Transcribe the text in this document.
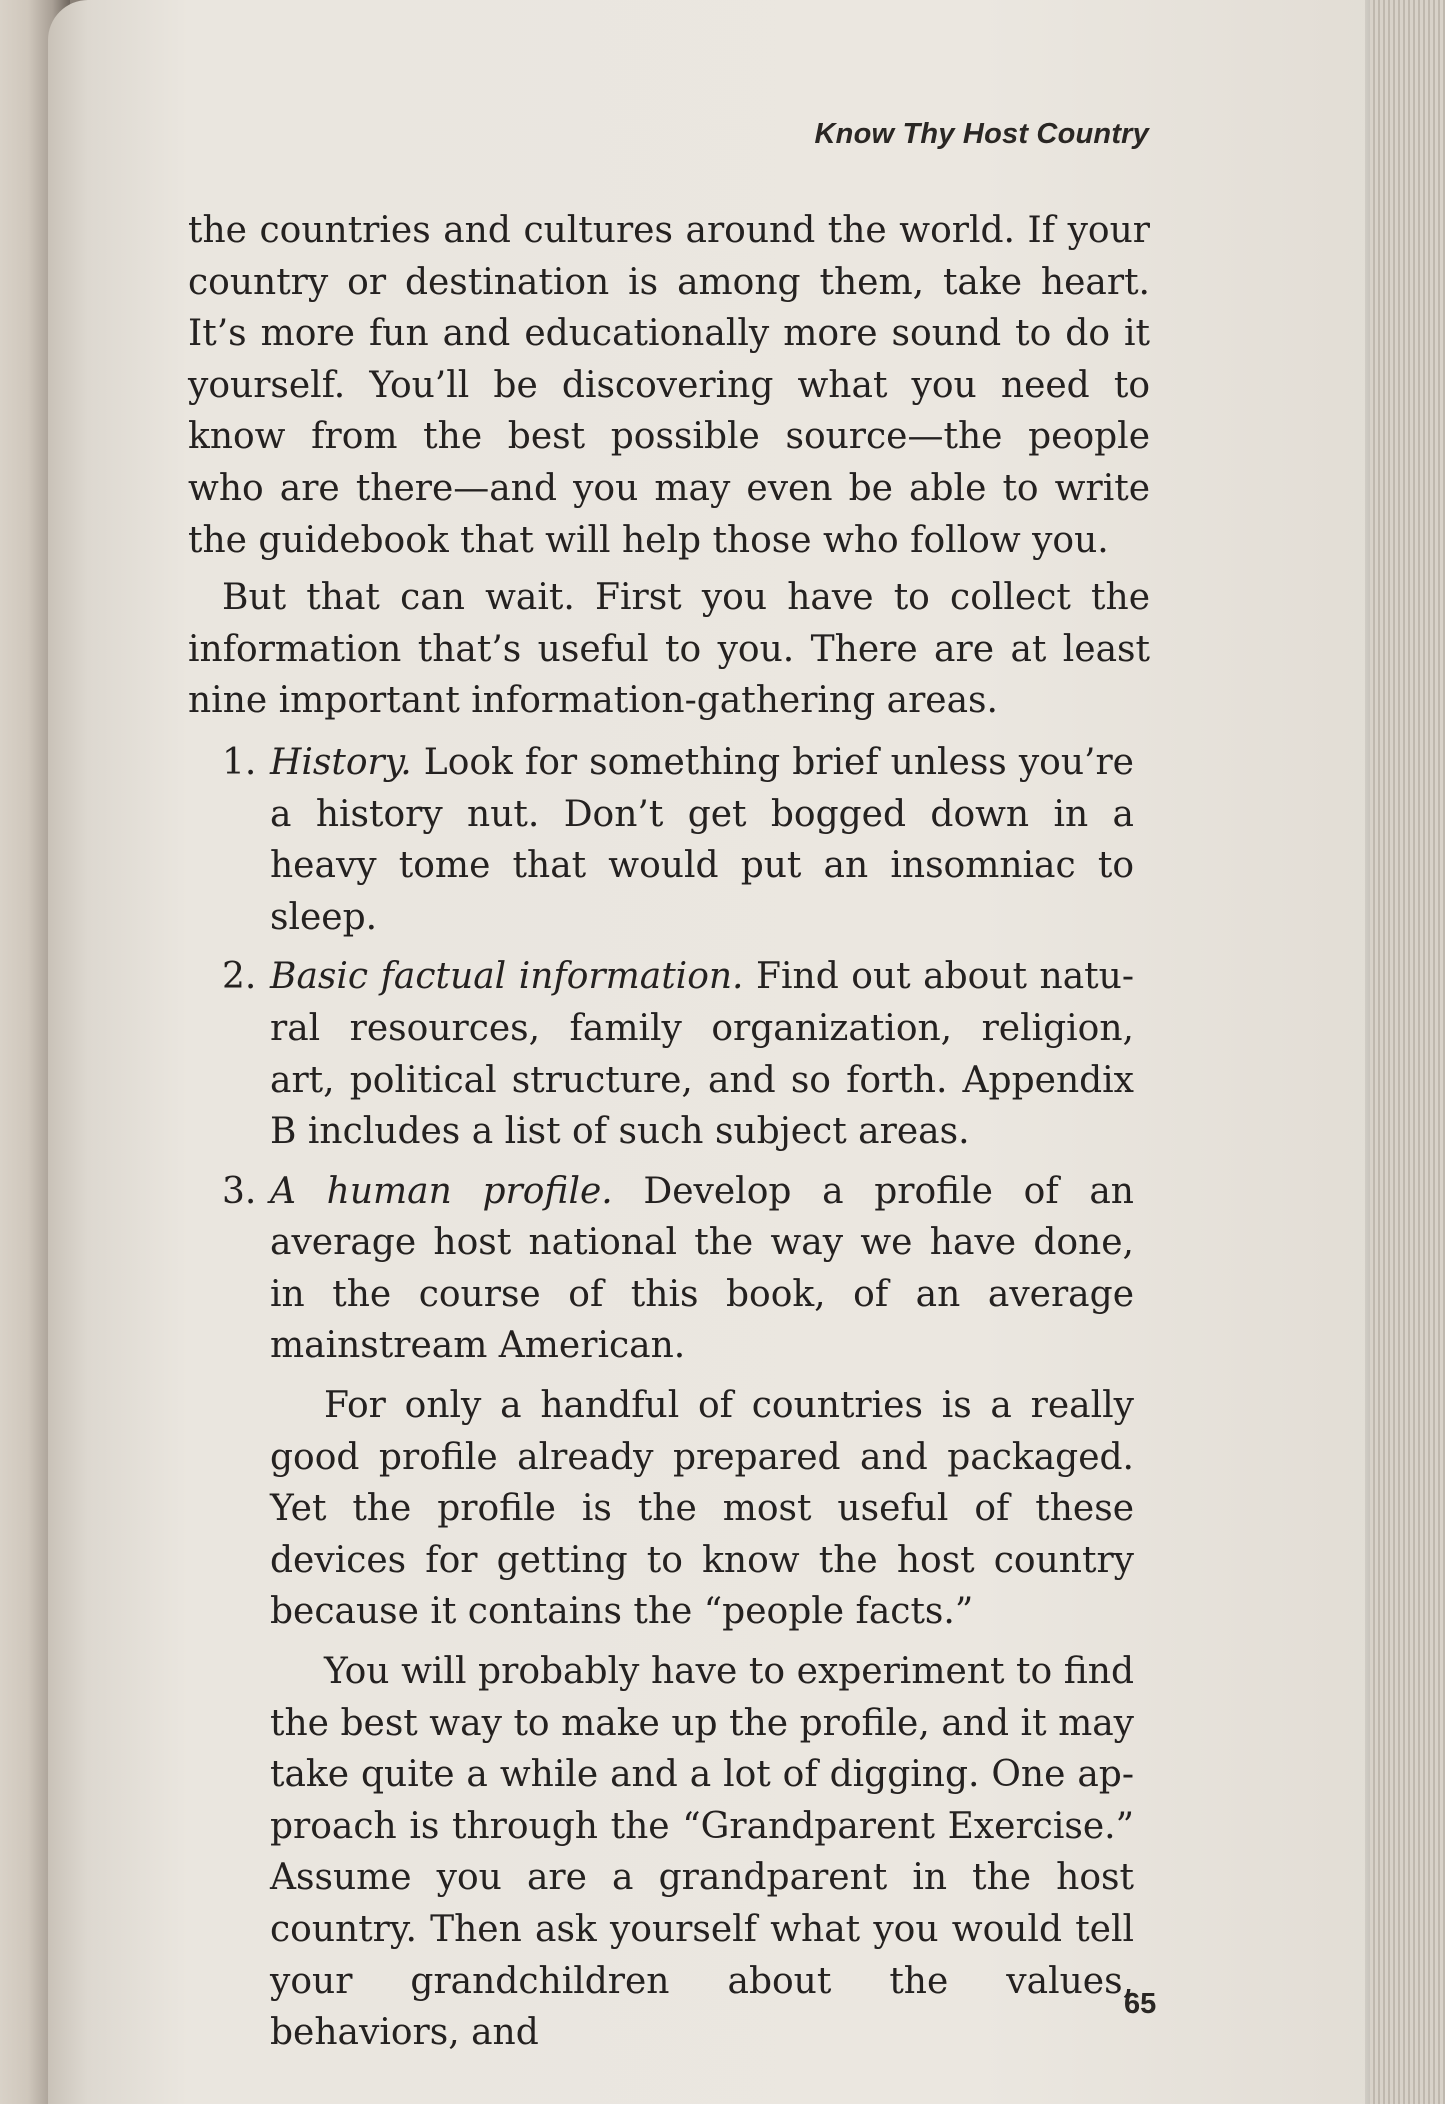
Know Thy Host Country

the countries and cultures around the world. If your country or destination is among them, take heart. It’s more fun and educationally more sound to do it yourself. You’ll be discovering what you need to know from the best possible source—the people who are there—and you may even be able to write the guidebook that will help those who follow you.

But that can wait. First you have to collect the information that’s useful to you. There are at least nine important information-gathering areas.

1. History. Look for something brief unless you’re a history nut. Don’t get bogged down in a heavy tome that would put an insomniac to sleep.
2. Basic factual information. Find out about natural resources, family organization, religion, art, political structure, and so forth. Appendix B includes a list of such subject areas.
3. A human profile. Develop a profile of an average host national the way we have done, in the course of this book, of an average mainstream American.

For only a handful of countries is a really good profile already prepared and packaged. Yet the profile is the most useful of these devices for getting to know the host country because it contains the “people facts.”

You will probably have to experiment to find the best way to make up the profile, and it may take quite a while and a lot of digging. One approach is through the “Grandparent Exercise.” Assume you are a grandparent in the host country. Then ask yourself what you would tell your grandchildren about the values, behaviors, and

65
